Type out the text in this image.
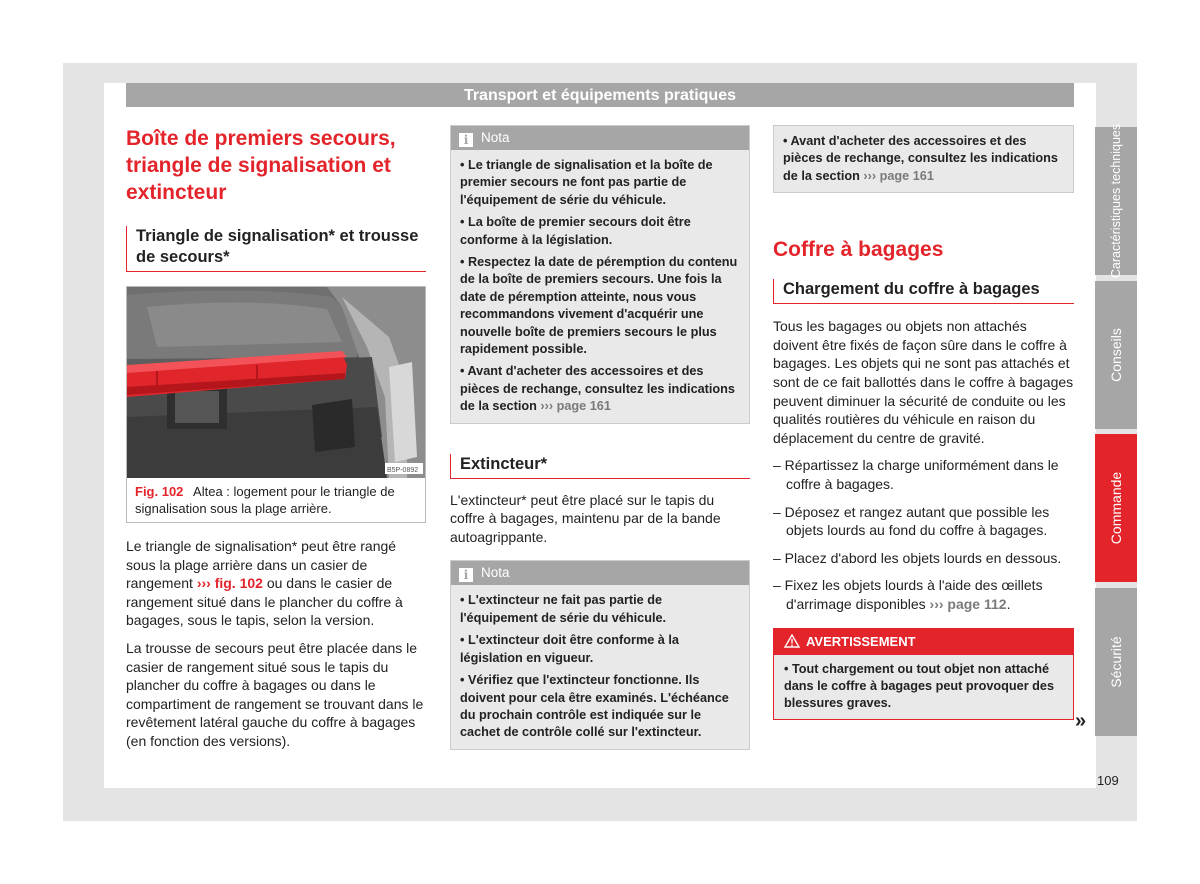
Transport et équipements pratiques
Boîte de premiers secours, triangle de signalisation et extincteur
Triangle de signalisation* et trousse de secours*
B5P-0892
Fig. 102 Altea : logement pour le triangle de signalisation sous la plage arrière.

Le triangle de signalisation* peut être rangé sous la plage arrière dans un casier de rangement ››› fig. 102 ou dans le casier de rangement situé dans le plancher du coffre à bagages, sous le tapis, selon la version.

La trousse de secours peut être placée dans le casier de rangement situé sous le tapis du plancher du coffre à bagages ou dans le compartiment de rangement se trouvant dans le revêtement latéral gauche du coffre à bagages (en fonction des versions).

i Nota
• Le triangle de signalisation et la boîte de premier secours ne font pas partie de l'équipement de série du véhicule.
• La boîte de premier secours doit être conforme à la législation.
• Respectez la date de péremption du contenu de la boîte de premiers secours. Une fois la date de péremption atteinte, nous vous recommandons vivement d'acquérir une nouvelle boîte de premiers secours le plus rapidement possible.
• Avant d'acheter des accessoires et des pièces de rechange, consultez les indications de la section ››› page 161
Extincteur*

L'extincteur* peut être placé sur le tapis du coffre à bagages, maintenu par de la bande autoagrippante.

i Nota
• L'extincteur ne fait pas partie de l'équipement de série du véhicule.
• L'extincteur doit être conforme à la législation en vigueur.
• Vérifiez que l'extincteur fonctionne. Ils doivent pour cela être examinés. L'échéance du prochain contrôle est indiquée sur le cachet de contrôle collé sur l'extincteur.
• Avant d'acheter des accessoires et des pièces de rechange, consultez les indications de la section ››› page 161
Coffre à bagages
Chargement du coffre à bagages

Tous les bagages ou objets non attachés doivent être fixés de façon sûre dans le coffre à bagages. Les objets qui ne sont pas attachés et sont de ce fait ballottés dans le coffre à bagages peuvent diminuer la sécurité de conduite ou les qualités routières du véhicule en raison du déplacement du centre de gravité.

– Répartissez la charge uniformément dans le coffre à bagages.
– Déposez et rangez autant que possible les objets lourds au fond du coffre à bagages.
– Placez d'abord les objets lourds en dessous.
– Fixez les objets lourds à l'aide des œillets d'arrimage disponibles ››› page 112.
AVERTISSEMENT
• Tout chargement ou tout objet non attaché dans le coffre à bagages peut provoquer des blessures graves.
»
Caractéristiques techniques
Conseils
Commande
Sécurité
109
